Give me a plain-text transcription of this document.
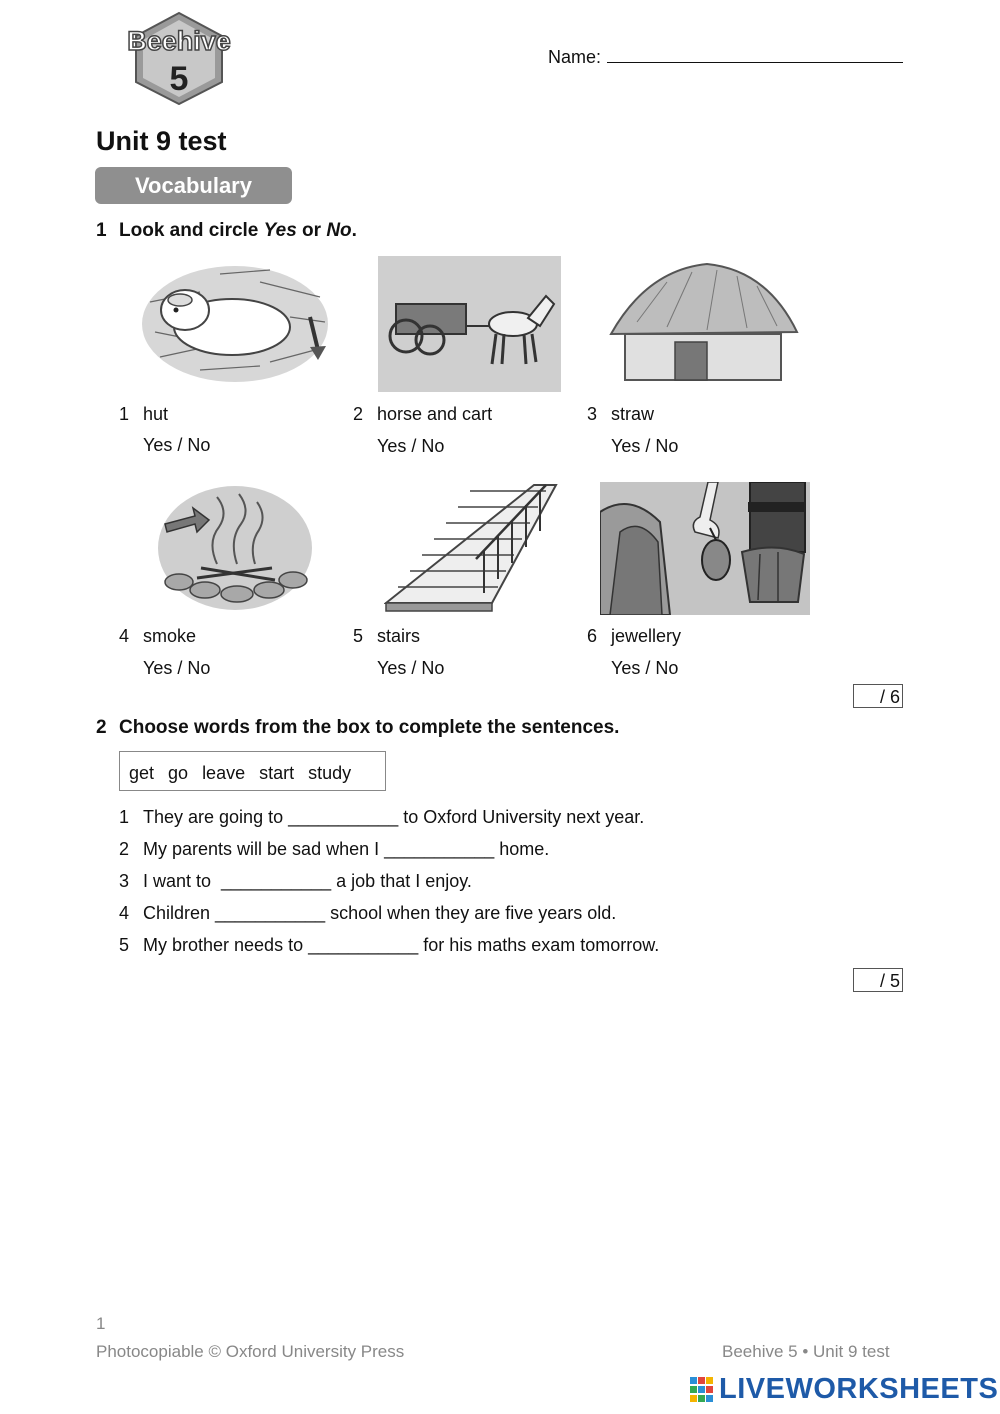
Beehive
5
Name:
Unit 9 test
Vocabulary
1 Look and circle Yes or No.
1 hut
Yes / No
2 horse and cart
Yes / No
3 straw
Yes / No
4 smoke
Yes / No
5 stairs
Yes / No
6 jewellery
Yes / No
/ 6
2 Choose words from the box to complete the sentences.
get go leave start study
1 They are going to ___________ to Oxford University next year.
2 My parents will be sad when I ___________ home.
3 I want to  ___________ a job that I enjoy.
4 Children ___________ school when they are five years old.
5 My brother needs to ___________ for his maths exam tomorrow.
/ 5
1
Photocopiable © Oxford University Press	Beehive 5 • Unit 9 test
LIVEWORKSHEETS
